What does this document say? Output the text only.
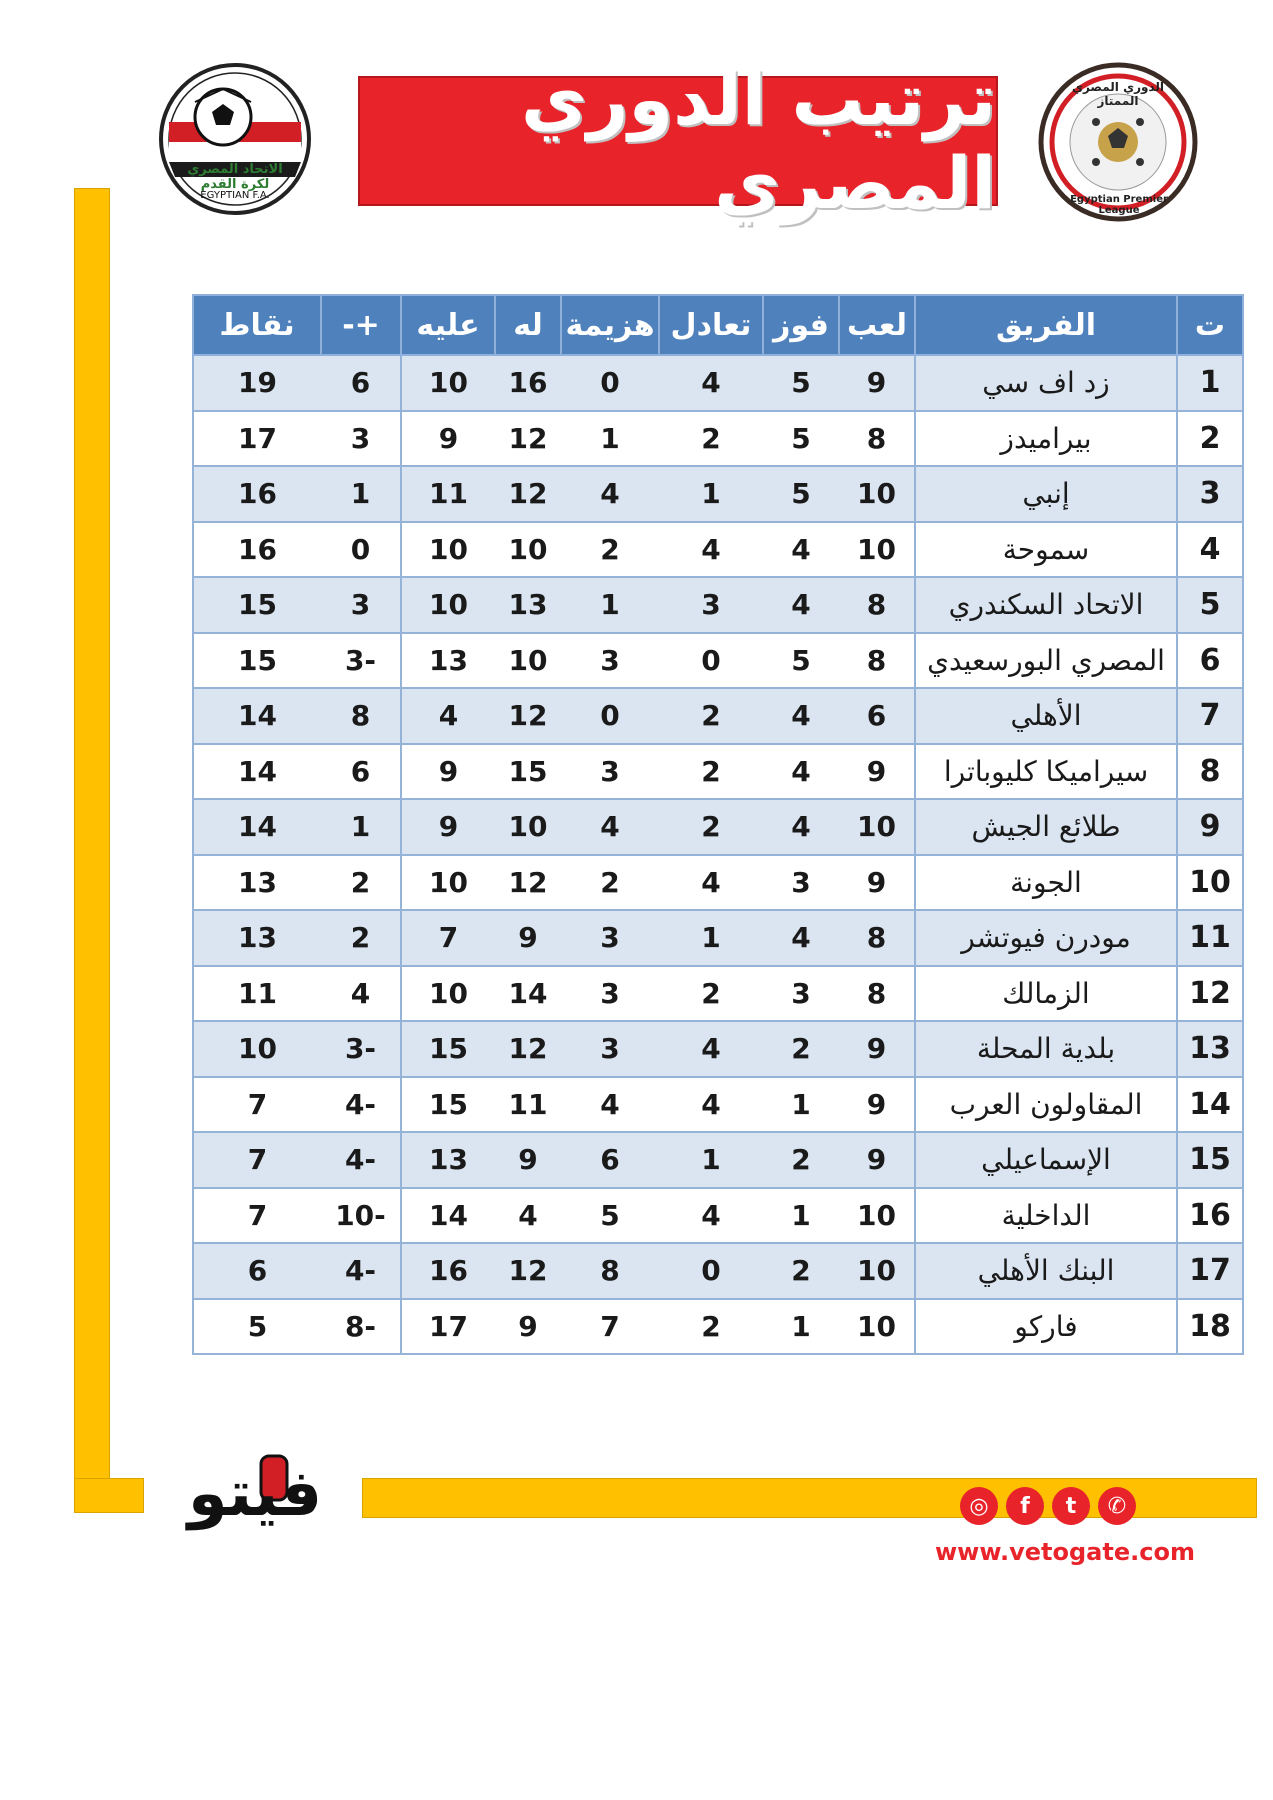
الاتحاد المصري لكرة القدم
EGYPTIAN F.A.
ترتيب الدوري المصري
الدوري المصري الممتاز
Egyptian Premier League
ت	الفريق	لعب	فوز	تعادل	هزيمة	له	عليه	+-	نقاط
1	زد اف سي	9	5	4	0	16	10	6	19
2	بيراميدز	8	5	2	1	12	9	3	17
3	إنبي	10	5	1	4	12	11	1	16
4	سموحة	10	4	4	2	10	10	0	16
5	الاتحاد السكندري	8	4	3	1	13	10	3	15
6	المصري البورسعيدي	8	5	0	3	10	13	-3	15
7	الأهلي	6	4	2	0	12	4	8	14
8	سيراميكا كليوباترا	9	4	2	3	15	9	6	14
9	طلائع الجيش	10	4	2	4	10	9	1	14
10	الجونة	9	3	4	2	12	10	2	13
11	مودرن فيوتشر	8	4	1	3	9	7	2	13
12	الزمالك	8	3	2	3	14	10	4	11
13	بلدية المحلة	9	2	4	3	12	15	-3	10
14	المقاولون العرب	9	1	4	4	11	15	-4	7
15	الإسماعيلي	9	2	1	6	9	13	-4	7
16	الداخلية	10	1	4	5	4	14	-10	7
17	البنك الأهلي	10	2	0	8	12	16	-4	6
18	فاركو	10	1	2	7	9	17	-8	5
فيتو	◎	f	t	✆
www.vetogate.com
